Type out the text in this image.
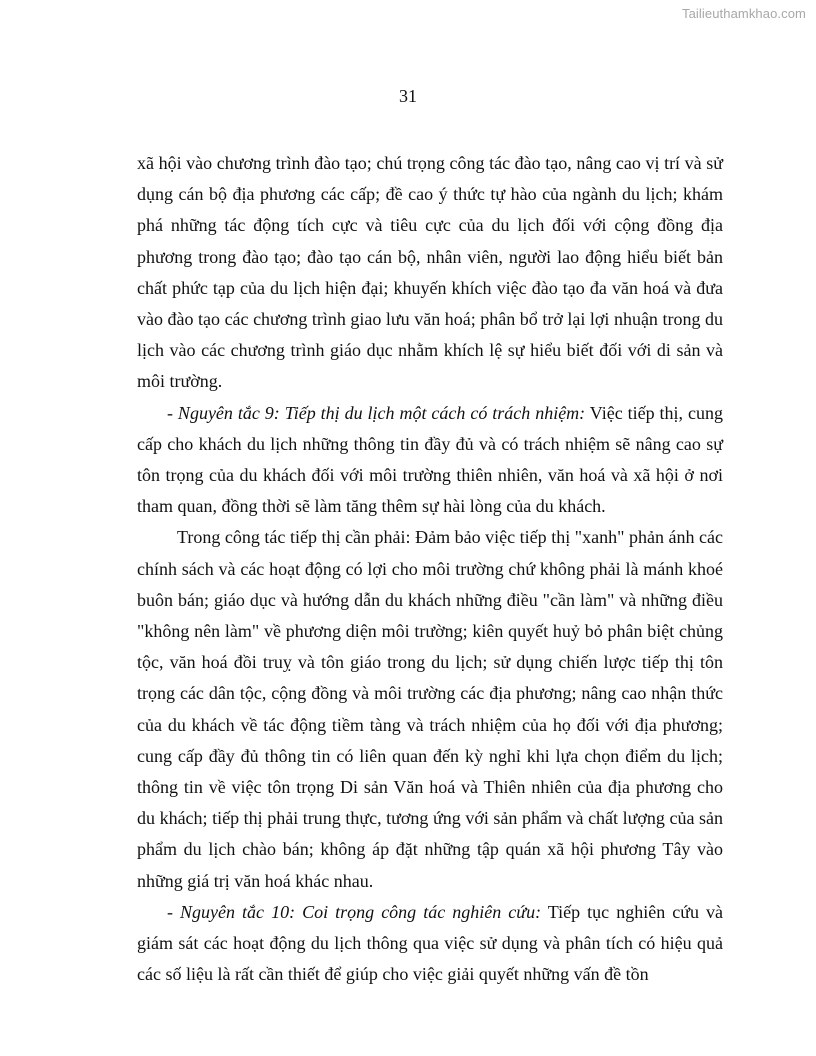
Tailieuthamkhao.com
31

xã hội vào chương trình đào tạo; chú trọng công tác đào tạo, nâng cao vị trí và sử dụng cán bộ địa phương các cấp; đề cao ý thức tự hào của ngành du lịch; khám phá những tác động tích cực và tiêu cực của du lịch đối với cộng đồng địa phương trong đào tạo; đào tạo cán bộ, nhân viên, người lao động hiểu biết bản chất phức tạp của du lịch hiện đại; khuyến khích việc đào tạo đa văn hoá và đưa vào đào tạo các chương trình giao lưu văn hoá; phân bổ trở lại lợi nhuận trong du lịch vào các chương trình giáo dục nhằm khích lệ sự hiểu biết đối với di sản và môi trường.

- Nguyên tắc 9: Tiếp thị du lịch một cách có trách nhiệm: Việc tiếp thị, cung cấp cho khách du lịch những thông tin đầy đủ và có trách nhiệm sẽ nâng cao sự tôn trọng của du khách đối với môi trường thiên nhiên, văn hoá và xã hội ở nơi tham quan, đồng thời sẽ làm tăng thêm sự hài lòng của du khách.

Trong công tác tiếp thị cần phải: Đảm bảo việc tiếp thị "xanh" phản ánh các chính sách và các hoạt động có lợi cho môi trường chứ không phải là mánh khoé buôn bán; giáo dục và hướng dẫn du khách những điều "cần làm" và những điều "không nên làm" về phương diện môi trường; kiên quyết huỷ bỏ phân biệt chủng tộc, văn hoá đồi truỵ và tôn giáo trong du lịch; sử dụng chiến lược tiếp thị tôn trọng các dân tộc, cộng đồng và môi trường các địa phương; nâng cao nhận thức của du khách về tác động tiềm tàng và trách nhiệm của họ đối với địa phương; cung cấp đầy đủ thông tin có liên quan đến kỳ nghỉ khi lựa chọn điểm du lịch; thông tin về việc tôn trọng Di sản Văn hoá và Thiên nhiên của địa phương cho du khách; tiếp thị phải trung thực, tương ứng với sản phẩm và chất lượng của sản phẩm du lịch chào bán; không áp đặt những tập quán xã hội phương Tây vào những giá trị văn hoá khác nhau.

- Nguyên tắc 10: Coi trọng công tác nghiên cứu: Tiếp tục nghiên cứu và giám sát các hoạt động du lịch thông qua việc sử dụng và phân tích có hiệu quả các số liệu là rất cần thiết để giúp cho việc giải quyết những vấn đề tồn
